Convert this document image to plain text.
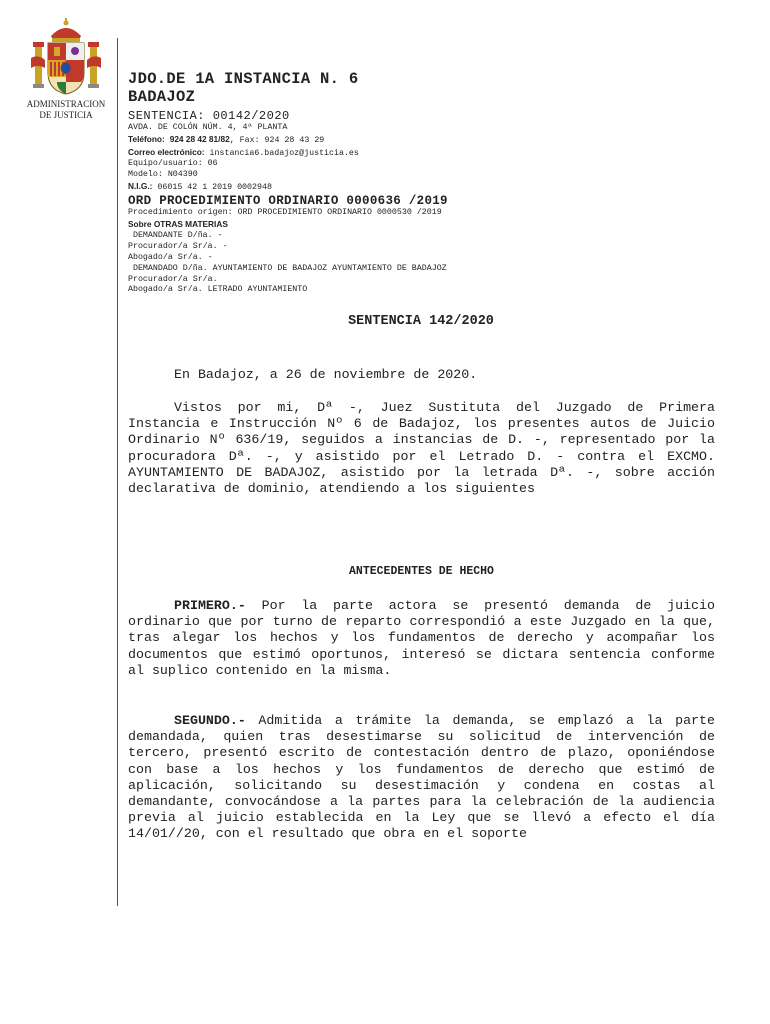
ADMINISTRACION
DE JUSTICIA
JDO.DE 1A INSTANCIA N. 6
BADAJOZ
SENTENCIA: 00142/2020
AVDA. DE COLÓN NÚM. 4, 4ª PLANTA
Teléfono: 924 28 42 81/82, Fax: 924 28 43 29
Correo electrónico: instancia6.badajoz@justicia.es
Equipo/usuario: 06
Modelo: N04390
N.I.G.: 06015 42 1 2019 0002948
ORD PROCEDIMIENTO ORDINARIO 0000636 /2019
Procedimiento origen: ORD PROCEDIMIENTO ORDINARIO 0000530 /2019
Sobre OTRAS MATERIAS
DEMANDANTE D/ña. -
Procurador/a Sr/a. -
Abogado/a Sr/a. -
DEMANDADO D/ña. AYUNTAMIENTO DE BADAJOZ AYUNTAMIENTO DE BADAJOZ
Procurador/a Sr/a.
Abogado/a Sr/a. LETRADO AYUNTAMIENTO
SENTENCIA 142/2020
En Badajoz, a 26 de noviembre de 2020.
Vistos por mi, Dª -, Juez Sustituta del Juzgado de Primera Instancia e Instrucción Nº 6 de Badajoz, los presentes autos de Juicio Ordinario Nº 636/19, seguidos a instancias de D. -, representado por la procuradora Dª. -, y asistido por el Letrado D. - contra el EXCMO. AYUNTAMIENTO DE BADAJOZ, asistido por la letrada Dª. -, sobre acción declarativa de dominio, atendiendo a los siguientes
ANTECEDENTES DE HECHO
PRIMERO.- Por la parte actora se presentó demanda de juicio ordinario que por turno de reparto correspondió a este Juzgado en la que, tras alegar los hechos y los fundamentos de derecho y acompañar los documentos que estimó oportunos, interesó se dictara sentencia conforme al suplico contenido en la misma.
SEGUNDO.- Admitida a trámite la demanda, se emplazó a la parte demandada, quien tras desestimarse su solicitud de intervención de tercero, presentó escrito de contestación dentro de plazo, oponiéndose con base a los hechos y los fundamentos de derecho que estimó de aplicación, solicitando su desestimación y condena en costas al demandante, convocándose a la partes para la celebración de la audiencia previa al juicio establecida en la Ley que se llevó a efecto el día 14/01//20, con el resultado que obra en el soporte
